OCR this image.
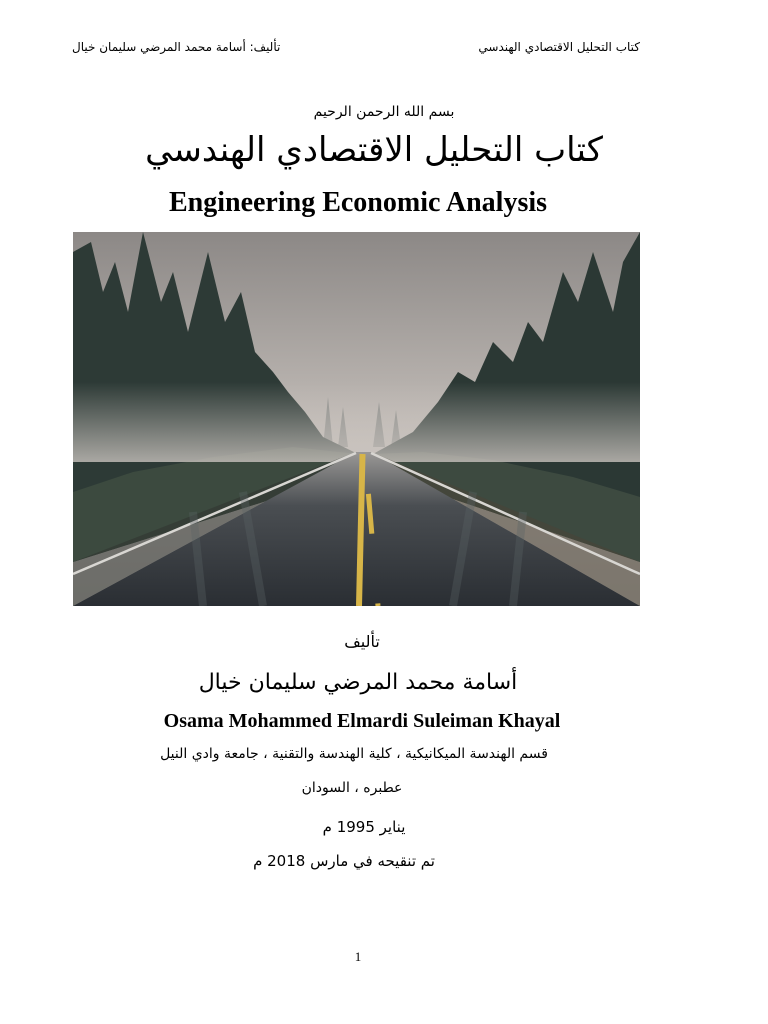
تأليف: أسامة محمد المرضي سليمان خيال	كتاب التحليل الاقتصادي الهندسي
بسم الله الرحمن الرحيم
كتاب التحليل الاقتصادي الهندسي
Engineering Economic Analysis
تأليف
أسامة محمد المرضي سليمان خيال
Osama Mohammed Elmardi Suleiman Khayal
قسم الهندسة الميكانيكية ، كلية الهندسة والتقنية ، جامعة وادي النيل
عطبره ، السودان
يناير 1995 م
تم تنقيحه في مارس 2018 م
1
